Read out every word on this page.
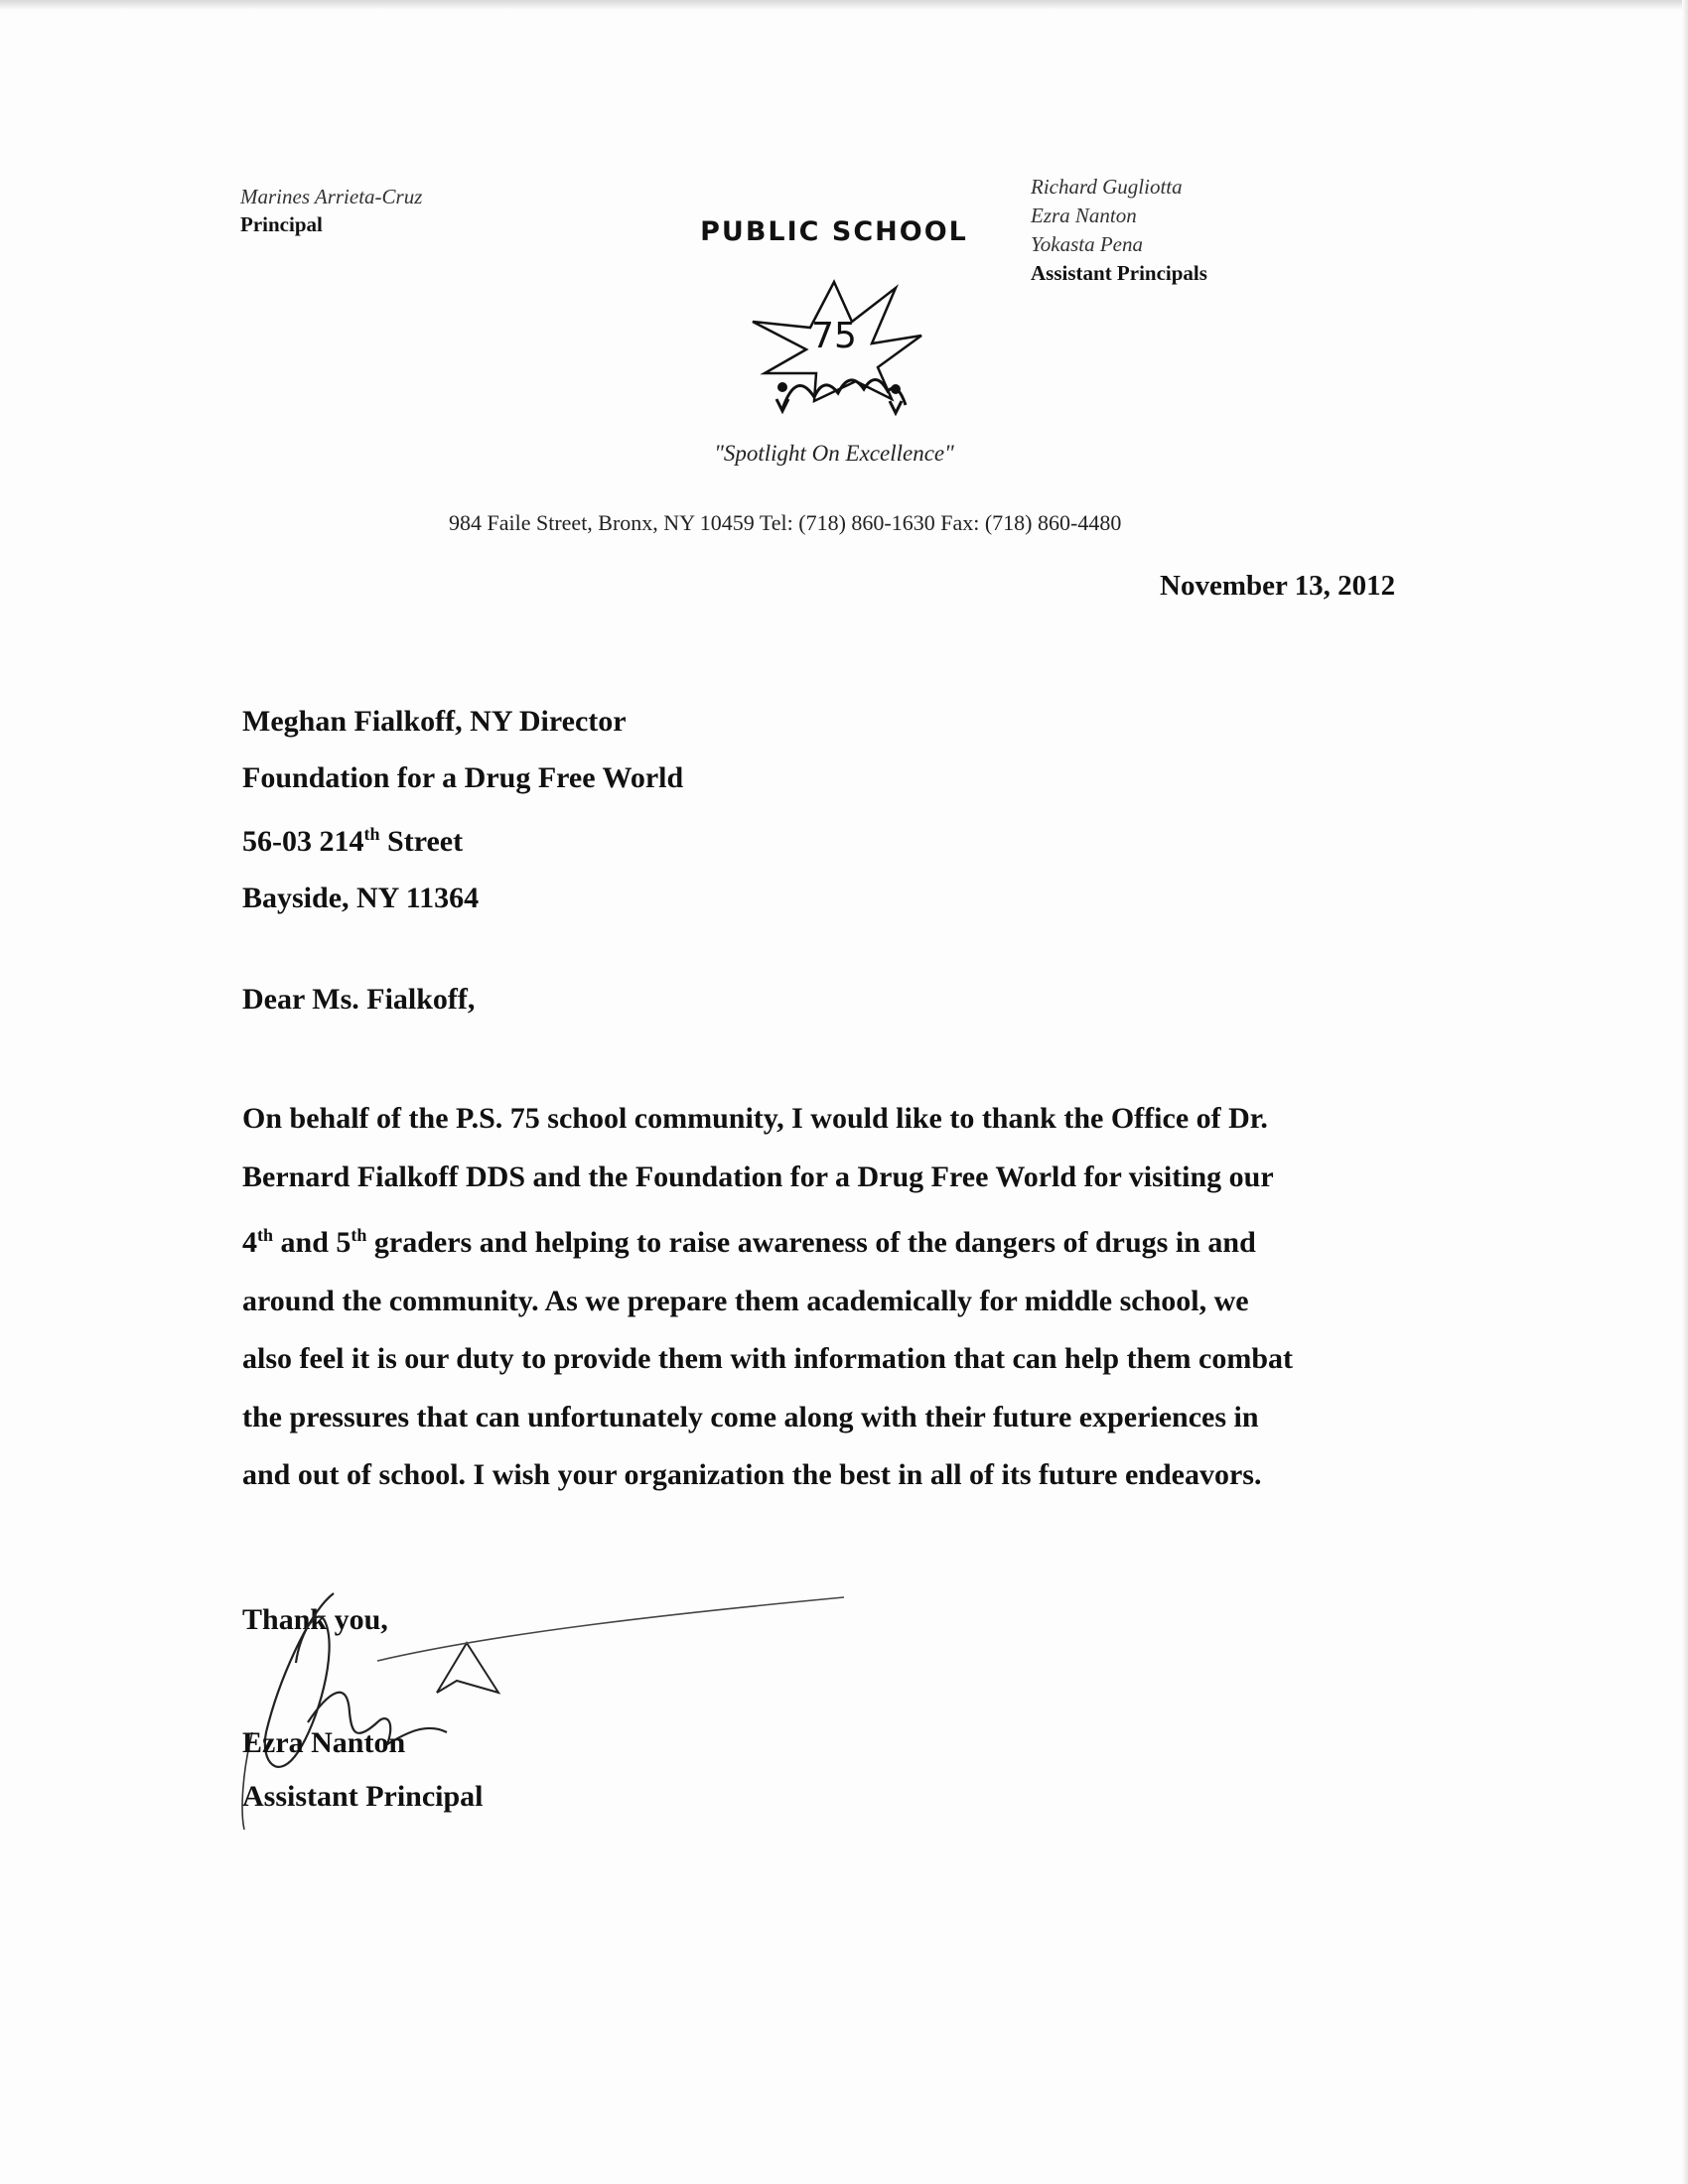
Marines Arrieta-Cruz
Principal	PUBLIC SCHOOL
75
Richard Gugliotta
Ezra Nanton
Yokasta Pena
Assistant Principals
"Spotlight On Excellence"
984 Faile Street, Bronx, NY 10459 Tel: (718) 860-1630 Fax: (718) 860-4480
November 13, 2012
Meghan Fialkoff, NY Director
Foundation for a Drug Free World
56-03 214th Street
Bayside, NY 11364
Dear Ms. Fialkoff,
On behalf of the P.S. 75 school community, I would like to thank the Office of Dr.
Bernard Fialkoff DDS and the Foundation for a Drug Free World for visiting our
4th and 5th graders and helping to raise awareness of the dangers of drugs in and
around the community. As we prepare them academically for middle school, we
also feel it is our duty to provide them with information that can help them combat
the pressures that can unfortunately come along with their future experiences in
and out of school. I wish your organization the best in all of its future endeavors.
Thank you,
Ezra Nanton
Assistant Principal
